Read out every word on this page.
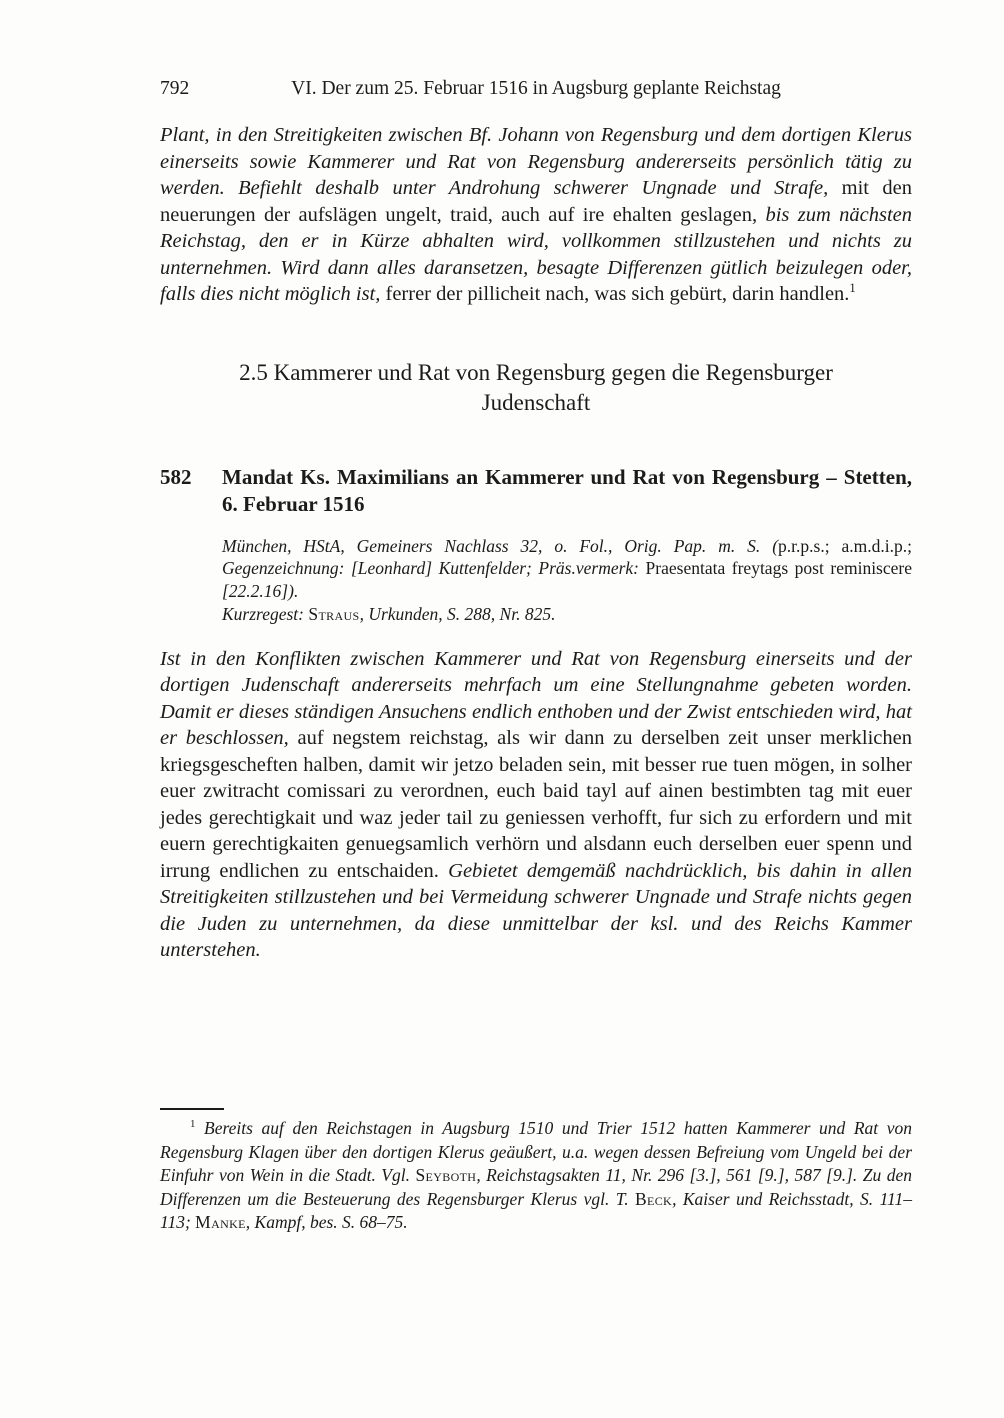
792	VI. Der zum 25. Februar 1516 in Augsburg geplante Reichstag

Plant, in den Streitigkeiten zwischen Bf. Johann von Regensburg und dem dortigen Klerus einerseits sowie Kammerer und Rat von Regensburg andererseits persönlich tätig zu werden. Befiehlt deshalb unter Androhung schwerer Ungnade und Strafe, mit den neuerungen der aufslägen ungelt, traid, auch auf ire ehalten geslagen, bis zum nächsten Reichstag, den er in Kürze abhalten wird, vollkommen stillzustehen und nichts zu unternehmen. Wird dann alles daransetzen, besagte Differenzen gütlich beizulegen oder, falls dies nicht möglich ist, ferrer der pillicheit nach, was sich gebürt, darin handlen.$^1$

2.5 Kammerer und Rat von Regensburg gegen die Regensburger Judenschaft
582 Mandat Ks. Maximilians an Kammerer und Rat von Regensburg – Stetten, 6. Februar 1516

München, HStA, Gemeiners Nachlass 32, o. Fol., Orig. Pap. m. S. (p.r.p.s.; a.m.d.i.p.; Gegenzeichnung: [Leonhard] Kuttenfelder; Präs.vermerk: Praesentata freytags post reminiscere [22.2.16]).

Kurzregest: Straus, Urkunden, S. 288, Nr. 825.

Ist in den Konflikten zwischen Kammerer und Rat von Regensburg einerseits und der dortigen Judenschaft andererseits mehrfach um eine Stellungnahme gebeten worden. Damit er dieses ständigen Ansuchens endlich enthoben und der Zwist entschieden wird, hat er beschlossen, auf negstem reichstag, als wir dann zu derselben zeit unser merklichen kriegsgescheften halben, damit wir jetzo beladen sein, mit besser rue tuen mögen, in solher euer zwitracht comissari zu verordnen, euch baid tayl auf ainen bestimbten tag mit euer jedes gerechtigkait und waz jeder tail zu geniessen verhofft, fur sich zu erfordern und mit euern gerechtigkaiten genuegsamlich verhörn und alsdann euch derselben euer spenn und irrung endlichen zu entschaiden. Gebietet demgemäß nachdrücklich, bis dahin in allen Streitigkeiten stillzustehen und bei Vermeidung schwerer Ungnade und Strafe nichts gegen die Juden zu unternehmen, da diese unmittelbar der ksl. und des Reichs Kammer unterstehen.

$^1$ Bereits auf den Reichstagen in Augsburg 1510 und Trier 1512 hatten Kammerer und Rat von Regensburg Klagen über den dortigen Klerus geäußert, u.a. wegen dessen Befreiung vom Ungeld bei der Einfuhr von Wein in die Stadt. Vgl. Seyboth, Reichstagsakten 11, Nr. 296 [3.], 561 [9.], 587 [9.]. Zu den Differenzen um die Besteuerung des Regensburger Klerus vgl. T. Beck, Kaiser und Reichsstadt, S. 111–113; Manke, Kampf, bes. S. 68–75.
